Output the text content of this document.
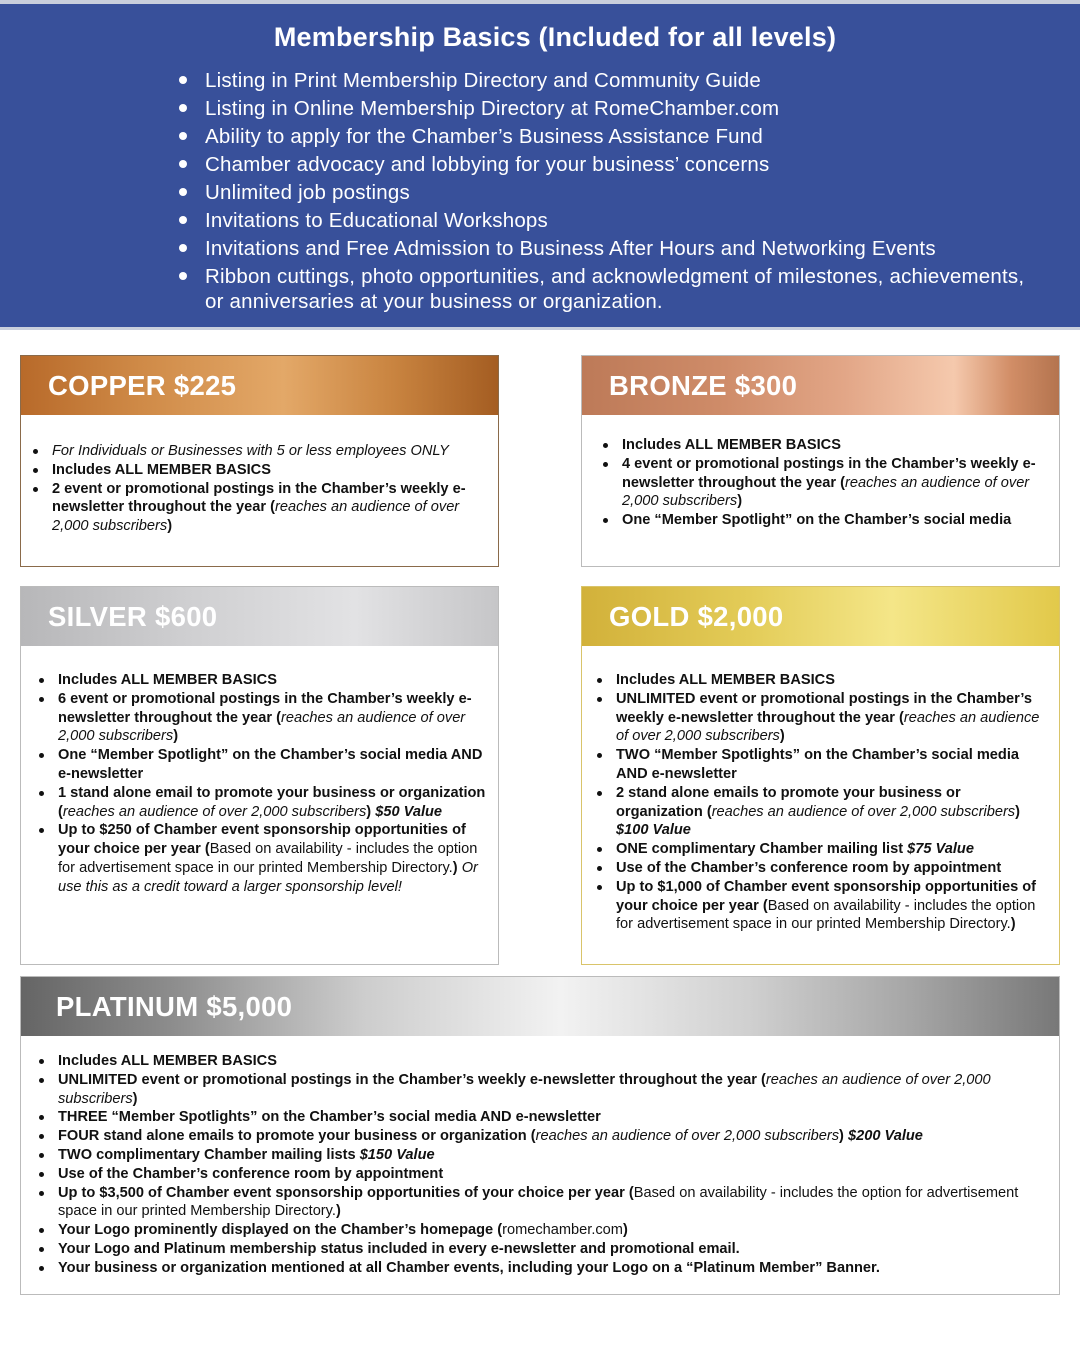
Membership Basics (Included for all levels)
Listing in Print Membership Directory and Community Guide
Listing in Online Membership Directory at RomeChamber.com
Ability to apply for the Chamber’s Business Assistance Fund
Chamber advocacy and lobbying for your business’ concerns
Unlimited job postings
Invitations to Educational Workshops
Invitations and Free Admission to Business After Hours and Networking Events
Ribbon cuttings, photo opportunities, and acknowledgment of milestones, achievements, or anniversaries at your business or organization.
COPPER $225
For Individuals or Businesses with 5 or less employees ONLY
Includes ALL MEMBER BASICS
2 event or promotional postings in the Chamber’s weekly e-newsletter throughout the year (reaches an audience of over 2,000 subscribers)
BRONZE $300
Includes ALL MEMBER BASICS
4 event or promotional postings in the Chamber’s weekly e-newsletter throughout the year (reaches an audience of over 2,000 subscribers)
One “Member Spotlight” on the Chamber’s social media
SILVER $600
Includes ALL MEMBER BASICS
6 event or promotional postings in the Chamber’s weekly e-newsletter throughout the year (reaches an audience of over 2,000 subscribers)
One “Member Spotlight” on the Chamber’s social media AND e-newsletter
1 stand alone email to promote your business or organization (reaches an audience of over 2,000 subscribers) $50 Value
Up to $250 of Chamber event sponsorship opportunities of your choice per year (Based on availability - includes the option for advertisement space in our printed Membership Directory.) Or use this as a credit toward a larger sponsorship level!
GOLD $2,000
Includes ALL MEMBER BASICS
UNLIMITED event or promotional postings in the Chamber’s weekly e-newsletter throughout the year (reaches an audience of over 2,000 subscribers)
TWO “Member Spotlights” on the Chamber’s social media AND e-newsletter
2 stand alone emails to promote your business or organization (reaches an audience of over 2,000 subscribers) $100 Value
ONE complimentary Chamber mailing list $75 Value
Use of the Chamber’s conference room by appointment
Up to $1,000 of Chamber event sponsorship opportunities of your choice per year (Based on availability - includes the option for advertisement space in our printed Membership Directory.)
PLATINUM $5,000
Includes ALL MEMBER BASICS
UNLIMITED event or promotional postings in the Chamber’s weekly e-newsletter throughout the year (reaches an audience of over 2,000 subscribers)
THREE “Member Spotlights” on the Chamber’s social media AND e-newsletter
FOUR stand alone emails to promote your business or organization (reaches an audience of over 2,000 subscribers) $200 Value
TWO complimentary Chamber mailing lists $150 Value
Use of the Chamber’s conference room by appointment
Up to $3,500 of Chamber event sponsorship opportunities of your choice per year (Based on availability - includes the option for advertisement space in our printed Membership Directory.)
Your Logo prominently displayed on the Chamber’s homepage (romechamber.com)
Your Logo and Platinum membership status included in every e-newsletter and promotional email.
Your business or organization mentioned at all Chamber events, including your Logo on a “Platinum Member” Banner.
